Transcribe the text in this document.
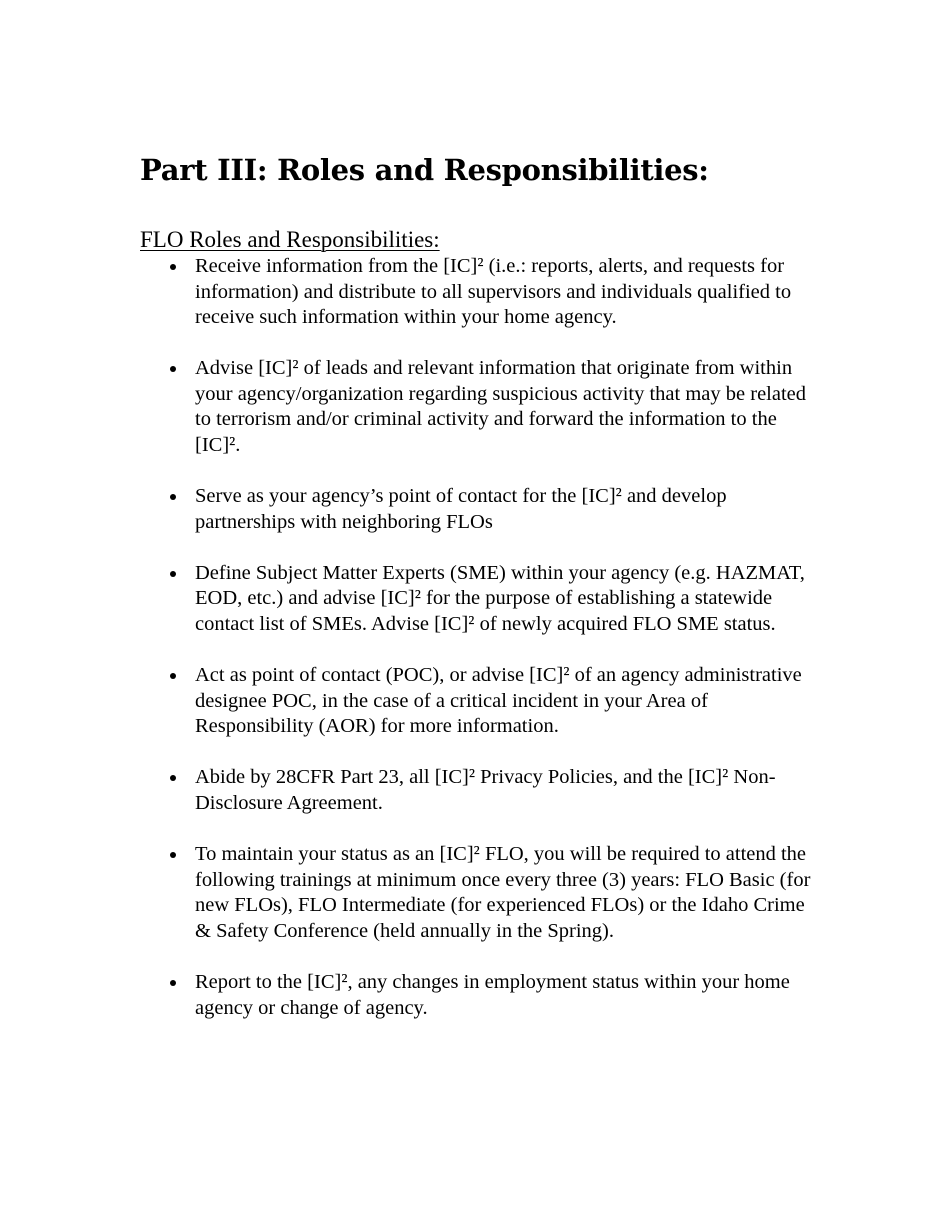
Part III: Roles and Responsibilities:
FLO Roles and Responsibilities:
Receive information from the [IC]² (i.e.: reports, alerts, and requests for information) and distribute to all supervisors and individuals qualified to receive such information within your home agency.
Advise [IC]² of leads and relevant information that originate from within your agency/organization regarding suspicious activity that may be related to terrorism and/or criminal activity and forward the information to the [IC]².
Serve as your agency’s point of contact for the [IC]² and develop partnerships with neighboring FLOs
Define Subject Matter Experts (SME) within your agency (e.g. HAZMAT, EOD, etc.) and advise [IC]² for the purpose of establishing a statewide contact list of SMEs. Advise [IC]² of newly acquired FLO SME status.
Act as point of contact (POC), or advise [IC]² of an agency administrative designee POC, in the case of a critical incident in your Area of Responsibility (AOR) for more information.
Abide by 28CFR Part 23, all [IC]² Privacy Policies, and the [IC]² Non-Disclosure Agreement.
To maintain your status as an [IC]² FLO, you will be required to attend the following trainings at minimum once every three (3) years: FLO Basic (for new FLOs), FLO Intermediate (for experienced FLOs) or the Idaho Crime & Safety Conference (held annually in the Spring).
Report to the [IC]², any changes in employment status within your home agency or change of agency.
